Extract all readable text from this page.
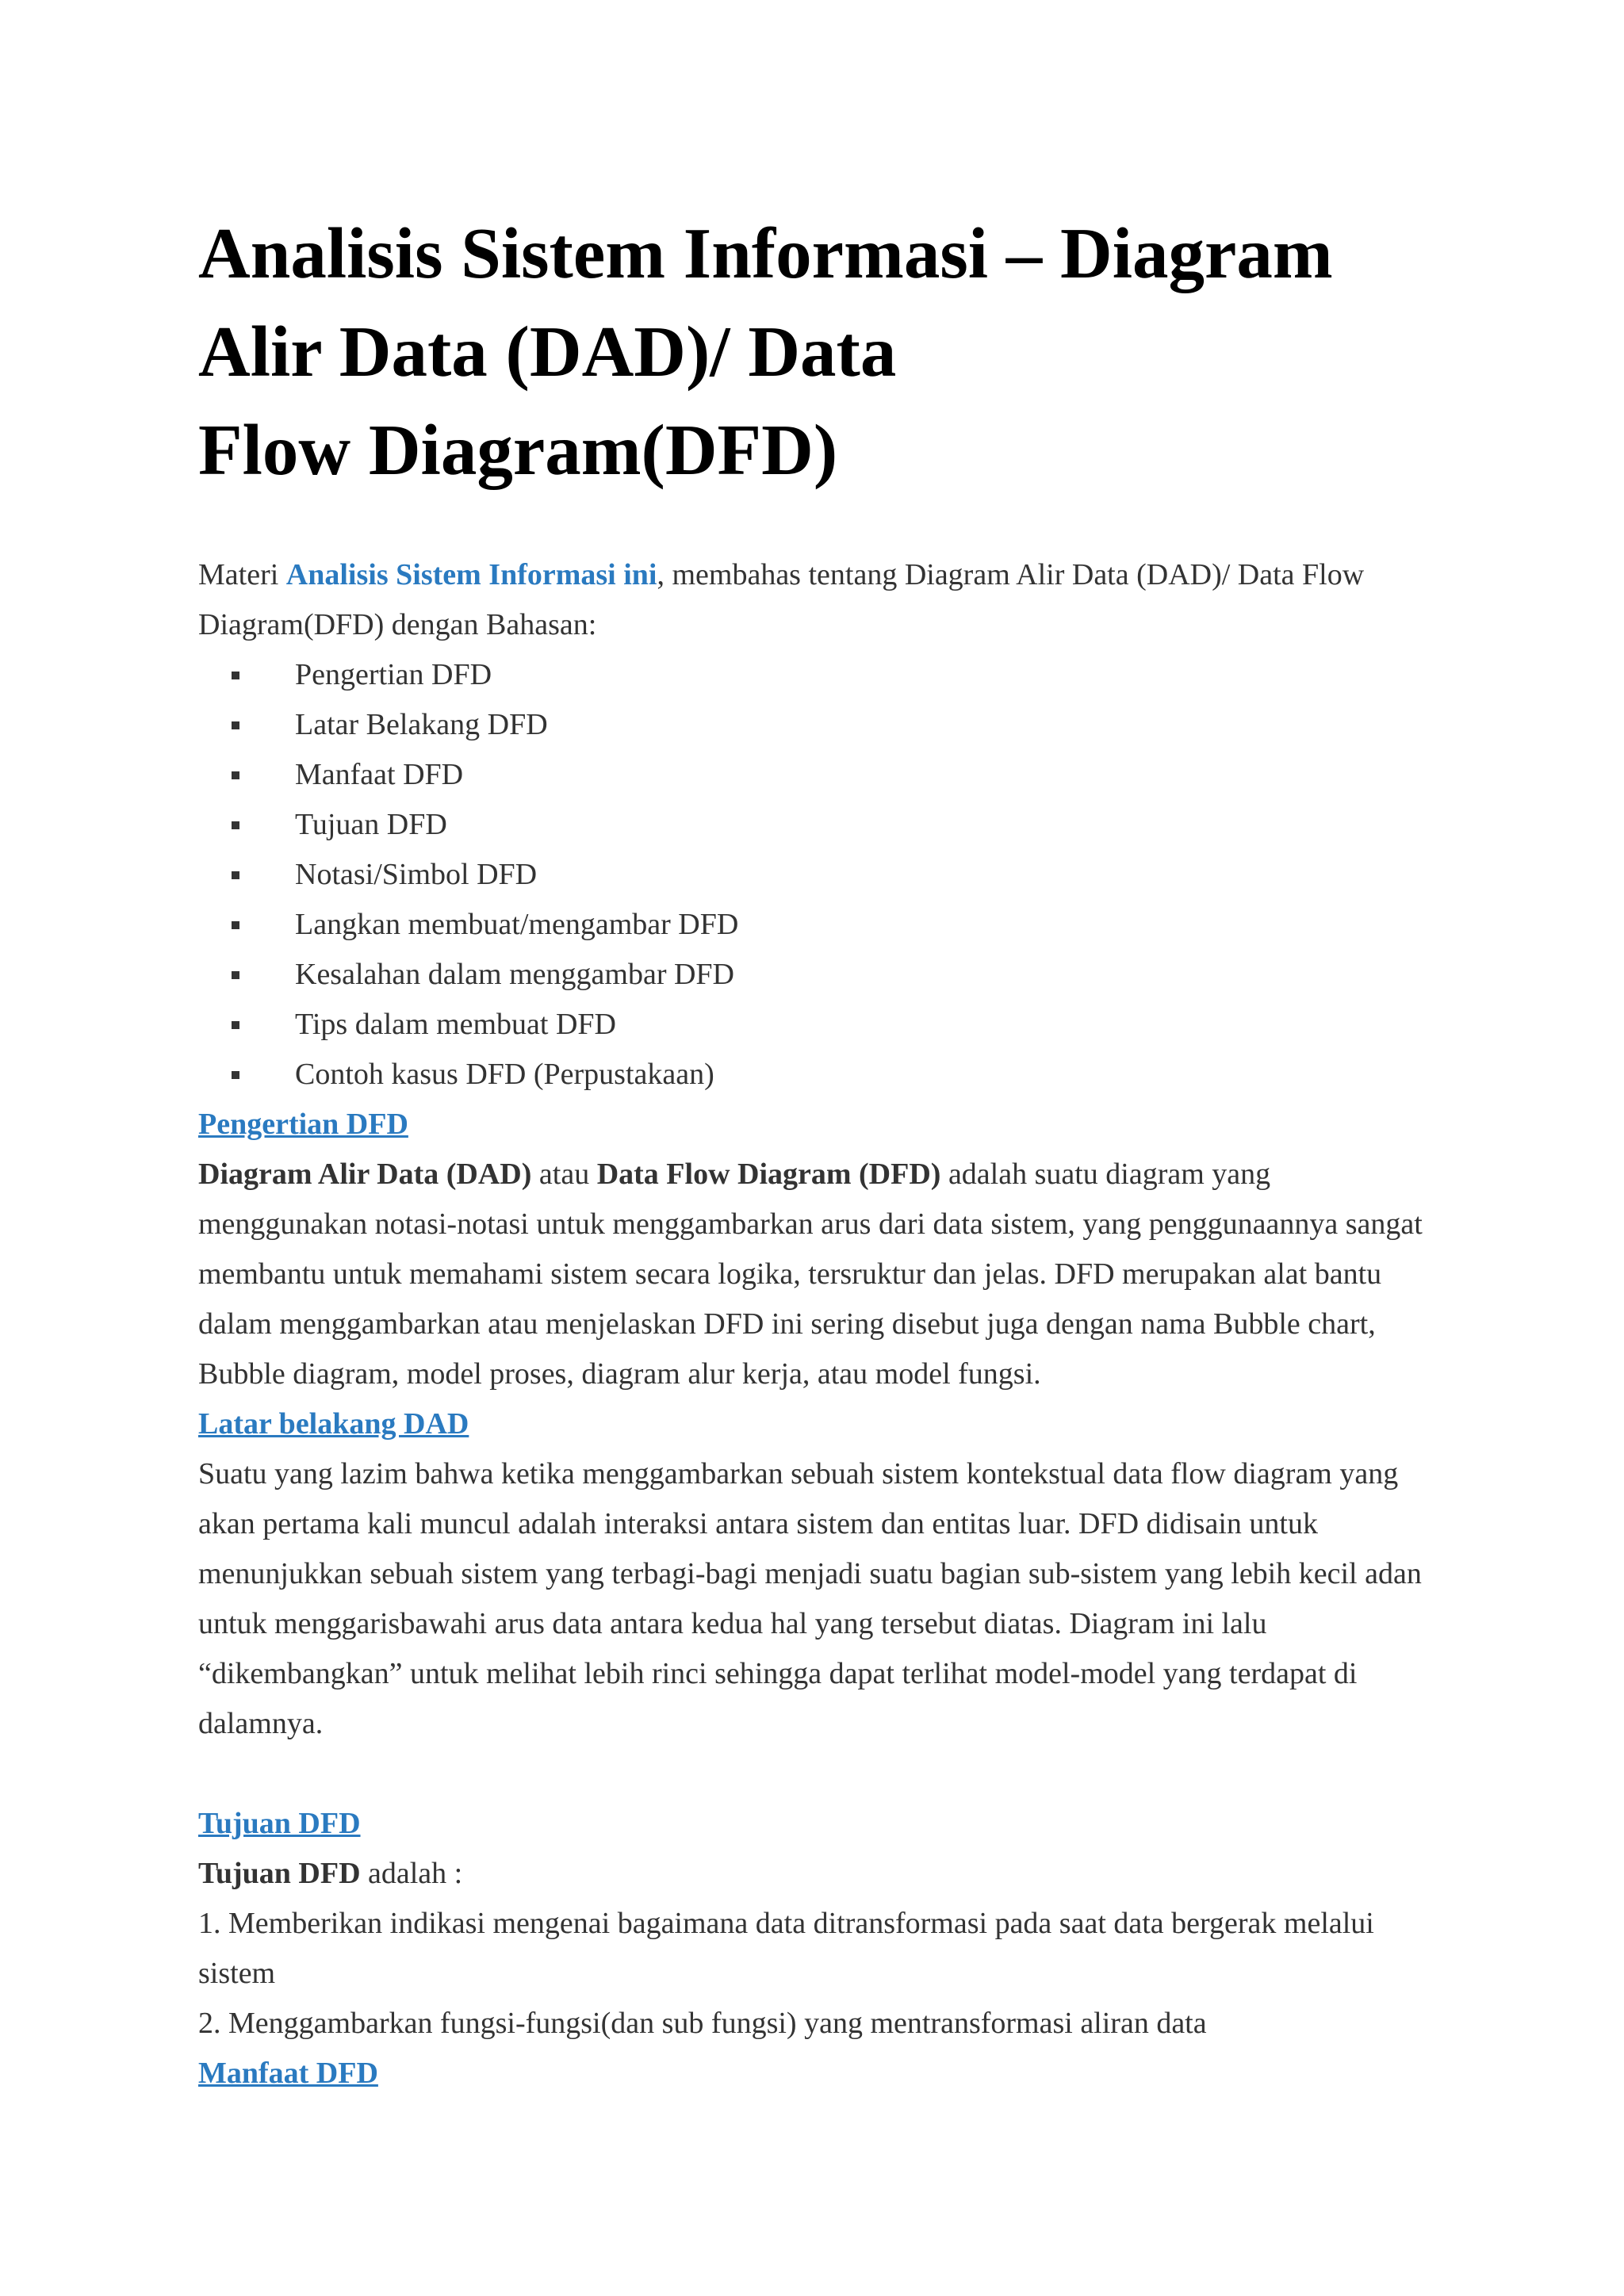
Analisis Sistem Informasi – Diagram
Alir Data (DAD)/ Data
Flow Diagram(DFD)

Materi Analisis Sistem Informasi ini, membahas tentang Diagram Alir Data (DAD)/ Data Flow Diagram(DFD) dengan Bahasan:

Pengertian DFD
Latar Belakang DFD
Manfaat DFD
Tujuan DFD
Notasi/Simbol DFD
Langkan membuat/mengambar DFD
Kesalahan dalam menggambar DFD
Tips dalam membuat DFD
Contoh kasus DFD (Perpustakaan)
Pengertian DFD

Diagram Alir Data (DAD) atau Data Flow Diagram (DFD) adalah suatu diagram yang menggunakan notasi-notasi untuk menggambarkan arus dari data sistem, yang penggunaannya sangat membantu untuk memahami sistem secara logika, tersruktur dan jelas. DFD merupakan alat bantu dalam menggambarkan atau menjelaskan DFD ini sering disebut juga dengan nama Bubble chart, Bubble diagram, model proses, diagram alur kerja, atau model fungsi.

Latar belakang DAD

Suatu yang lazim bahwa ketika menggambarkan sebuah sistem kontekstual data flow diagram yang akan pertama kali muncul adalah interaksi antara sistem dan entitas luar. DFD didisain untuk menunjukkan sebuah sistem yang terbagi-bagi menjadi suatu bagian sub-sistem yang lebih kecil adan untuk menggarisbawahi arus data antara kedua hal yang tersebut diatas. Diagram ini lalu “dikembangkan” untuk melihat lebih rinci sehingga dapat terlihat model-model yang terdapat di dalamnya.

Tujuan DFD

Tujuan DFD adalah :

1. Memberikan indikasi mengenai bagaimana data ditransformasi pada saat data bergerak melalui sistem

2. Menggambarkan fungsi-fungsi(dan sub fungsi) yang mentransformasi aliran data

Manfaat DFD
